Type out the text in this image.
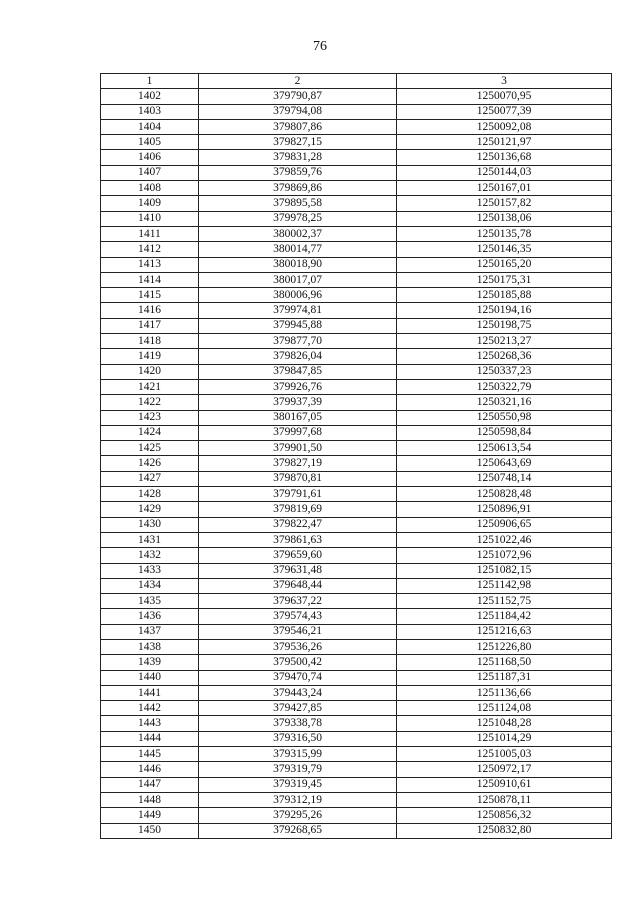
76
1	2	3
1402	379790,87	1250070,95
1403	379794,08	1250077,39
1404	379807,86	1250092,08
1405	379827,15	1250121,97
1406	379831,28	1250136,68
1407	379859,76	1250144,03
1408	379869,86	1250167,01
1409	379895,58	1250157,82
1410	379978,25	1250138,06
1411	380002,37	1250135,78
1412	380014,77	1250146,35
1413	380018,90	1250165,20
1414	380017,07	1250175,31
1415	380006,96	1250185,88
1416	379974,81	1250194,16
1417	379945,88	1250198,75
1418	379877,70	1250213,27
1419	379826,04	1250268,36
1420	379847,85	1250337,23
1421	379926,76	1250322,79
1422	379937,39	1250321,16
1423	380167,05	1250550,98
1424	379997,68	1250598,84
1425	379901,50	1250613,54
1426	379827,19	1250643,69
1427	379870,81	1250748,14
1428	379791,61	1250828,48
1429	379819,69	1250896,91
1430	379822,47	1250906,65
1431	379861,63	1251022,46
1432	379659,60	1251072,96
1433	379631,48	1251082,15
1434	379648,44	1251142,98
1435	379637,22	1251152,75
1436	379574,43	1251184,42
1437	379546,21	1251216,63
1438	379536,26	1251226,80
1439	379500,42	1251168,50
1440	379470,74	1251187,31
1441	379443,24	1251136,66
1442	379427,85	1251124,08
1443	379338,78	1251048,28
1444	379316,50	1251014,29
1445	379315,99	1251005,03
1446	379319,79	1250972,17
1447	379319,45	1250910,61
1448	379312,19	1250878,11
1449	379295,26	1250856,32
1450	379268,65	1250832,80
